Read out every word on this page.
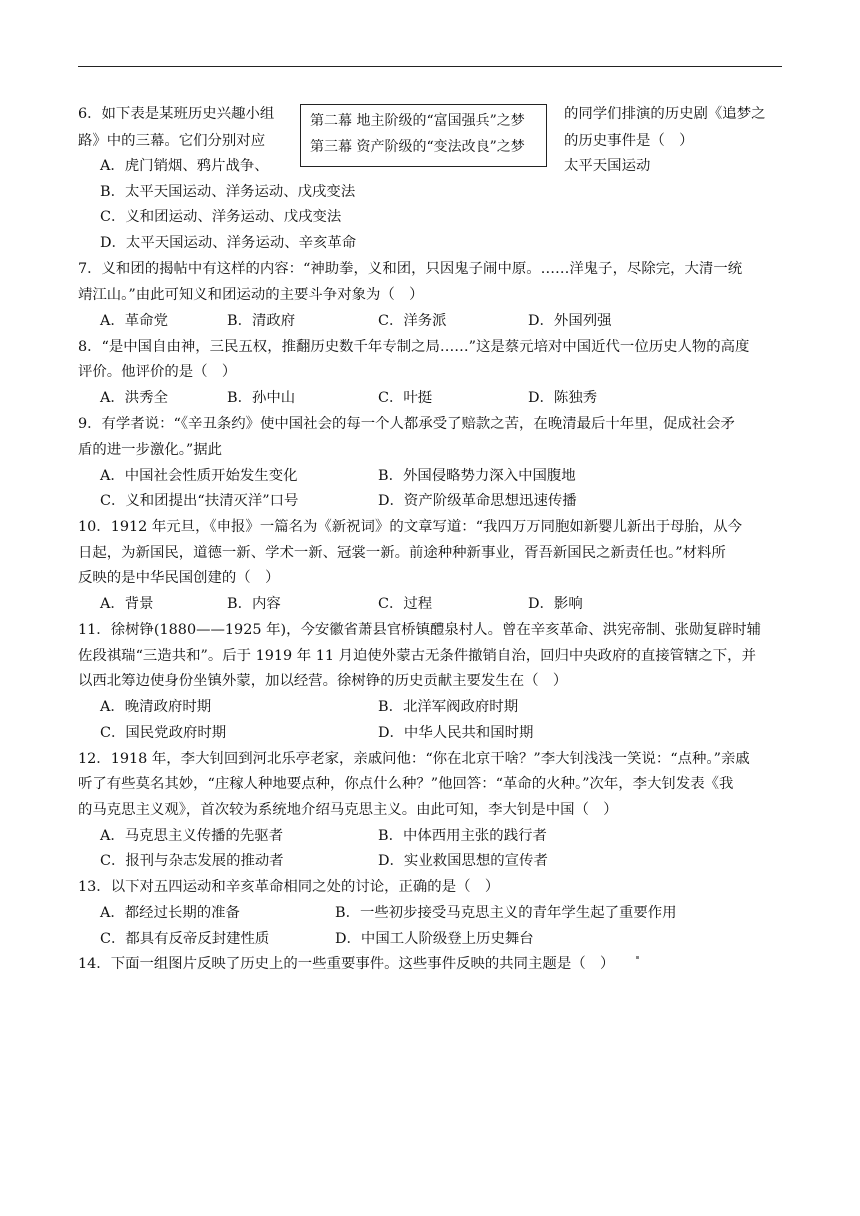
6．如下表是某班历史兴趣小组
路》中的三幕。它们分别对应
第二幕 地主阶级的“富国强兵”之梦
第三幕 资产阶级的“变法改良”之梦
的同学们排演的历史剧《追梦之
的历史事件是（　）
A．虎门销烟、鸦片战争、	太平天国运动
B．太平天国运动、洋务运动、戊戌变法
C．义和团运动、洋务运动、戊戌变法
D．太平天国运动、洋务运动、辛亥革命
7．义和团的揭帖中有这样的内容：“神助拳，义和团，只因鬼子闹中原。……洋鬼子，尽除完，大清一统
靖江山。”由此可知义和团运动的主要斗争对象为（　）
A．革命党	B．清政府	C．洋务派	D．外国列强
8．“是中国自由神，三民五权，推翻历史数千年专制之局……”这是蔡元培对中国近代一位历史人物的高度
评价。他评价的是（　）
A．洪秀全	B．孙中山	C．叶挺	D．陈独秀
9．有学者说：“《辛丑条约》使中国社会的每一个人都承受了赔款之苦，在晚清最后十年里，促成社会矛
盾的进一步激化。”据此
A．中国社会性质开始发生变化	B．外国侵略势力深入中国腹地
C．义和团提出“扶清灭洋”口号	D．资产阶级革命思想迅速传播
10．1912 年元旦，《申报》一篇名为《新祝词》的文章写道：“我四万万同胞如新婴儿新出于母胎，从今
日起，为新国民，道德一新、学术一新、冠裳一新。前途种种新事业，胥吾新国民之新责任也。”材料所
反映的是中华民国创建的（　）
A．背景	B．内容	C．过程	D．影响
11．徐树铮(1880——1925 年)，今安徽省萧县官桥镇醴泉村人。曾在辛亥革命、洪宪帝制、张勋复辟时辅
佐段祺瑞“三造共和”。后于 1919 年 11 月迫使外蒙古无条件撤销自治，回归中央政府的直接管辖之下，并
以西北筹边使身份坐镇外蒙，加以经营。徐树铮的历史贡献主要发生在（　）
A．晚清政府时期	B．北洋军阀政府时期
C．国民党政府时期	D．中华人民共和国时期
12．1918 年，李大钊回到河北乐亭老家，亲戚问他：“你在北京干啥？”李大钊浅浅一笑说：“点种。”亲戚
听了有些莫名其妙，“庄稼人种地要点种，你点什么种？”他回答：“革命的火种。”次年，李大钊发表《我
的马克思主义观》，首次较为系统地介绍马克思主义。由此可知，李大钊是中国（　）
A．马克思主义传播的先驱者	B．中体西用主张的践行者
C．报刊与杂志发展的推动者	D．实业救国思想的宣传者
13．以下对五四运动和辛亥革命相同之处的讨论，正确的是（　）
A．都经过长期的准备	B．一些初步接受马克思主义的青年学生起了重要作用
C．都具有反帝反封建性质	D．中国工人阶级登上历史舞台
14．下面一组图片反映了历史上的一些重要事件。这些事件反映的共同主题是（　）
